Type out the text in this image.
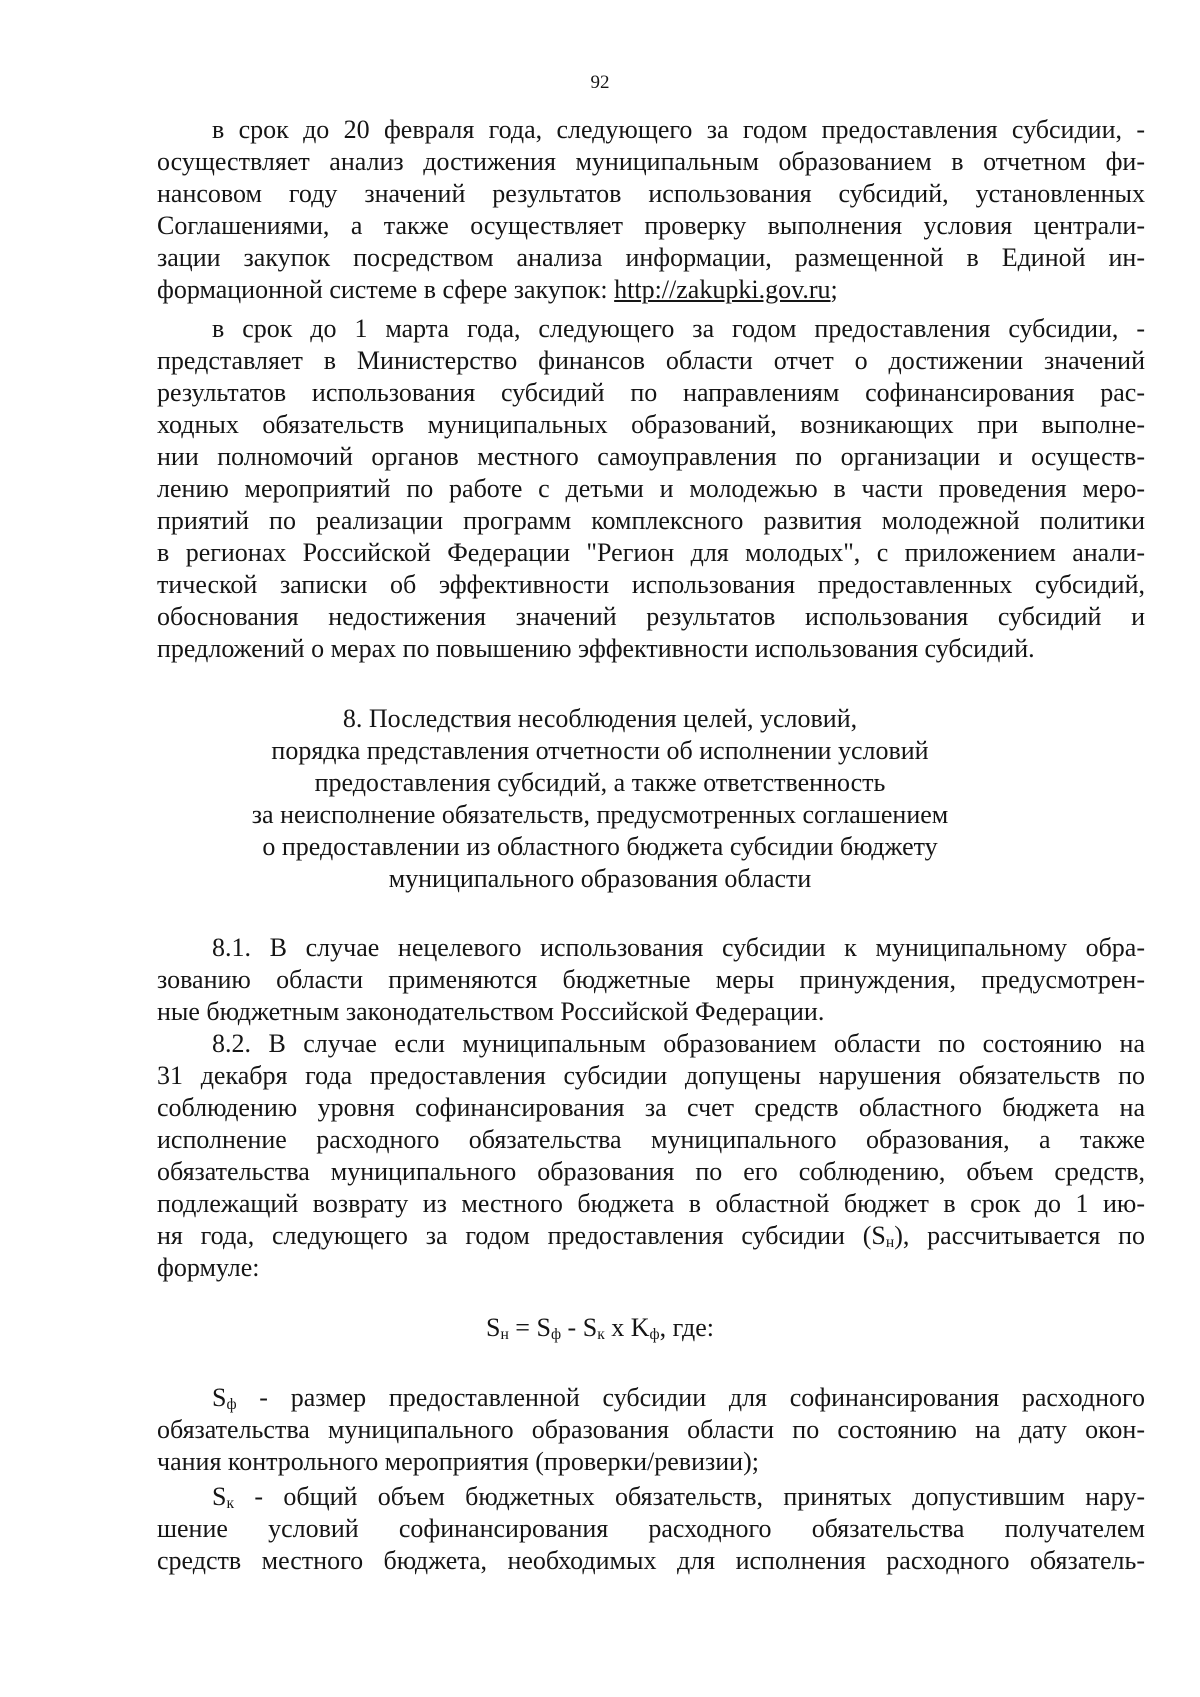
92
в срок до 20 февраля года, следующего за годом предоставления субсидии, -
осуществляет анализ достижения муниципальным образованием в отчетном фи-
нансовом году значений результатов использования субсидий, установленных
Соглашениями, а также осуществляет проверку выполнения условия централи-
зации закупок посредством анализа информации, размещенной в Единой ин-
формационной системе в сфере закупок: http://zakupki.gov.ru;
в срок до 1 марта года, следующего за годом предоставления субсидии, -
представляет в Министерство финансов области отчет о достижении значений
результатов использования субсидий по направлениям софинансирования рас-
ходных обязательств муниципальных образований, возникающих при выполне-
нии полномочий органов местного самоуправления по организации и осуществ-
лению мероприятий по работе с детьми и молодежью в части проведения меро-
приятий по реализации программ комплексного развития молодежной политики
в регионах Российской Федерации "Регион для молодых", с приложением анали-
тической записки об эффективности использования предоставленных субсидий,
обоснования недостижения значений результатов использования субсидий и
предложений о мерах по повышению эффективности использования субсидий.
8. Последствия несоблюдения целей, условий,
порядка представления отчетности об исполнении условий
предоставления субсидий, а также ответственность
за неисполнение обязательств, предусмотренных соглашением
о предоставлении из областного бюджета субсидии бюджету
муниципального образования области
8.1. В случае нецелевого использования субсидии к муниципальному обра-
зованию области применяются бюджетные меры принуждения, предусмотрен-
ные бюджетным законодательством Российской Федерации.
8.2. В случае если муниципальным образованием области по состоянию на
31 декабря года предоставления субсидии допущены нарушения обязательств по
соблюдению уровня софинансирования за счет средств областного бюджета на
исполнение расходного обязательства муниципального образования, а также
обязательства муниципального образования по его соблюдению, объем средств,
подлежащий возврату из местного бюджета в областной бюджет в срок до 1 ию-
ня года, следующего за годом предоставления субсидии $(S_н)$, рассчитывается по
формуле:
$S_н = S_ф - S_к$ x $K_ф$, где:
$S_ф$ - размер предоставленной субсидии для софинансирования расходного
обязательства муниципального образования области по состоянию на дату окон-
чания контрольного мероприятия (проверки/ревизии);
$S_к$ - общий объем бюджетных обязательств, принятых допустившим нару-
шение условий софинансирования расходного обязательства получателем
средств местного бюджета, необходимых для исполнения расходного обязатель-
